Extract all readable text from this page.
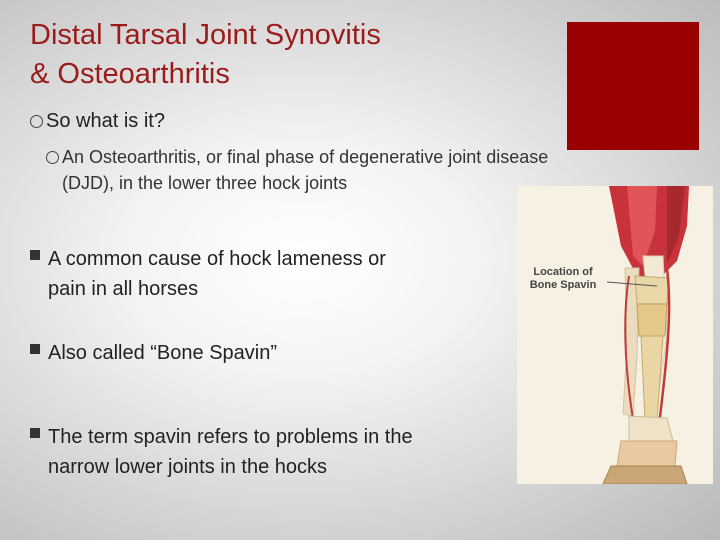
Distal Tarsal Joint Synovitis
& Osteoarthritis
So what is it?
An Osteoarthritis, or final phase of degenerative joint disease (DJD), in the lower three hock joints
A common cause of hock lameness or
pain in all horses
Also called “Bone Spavin”
The term spavin refers to problems in the
narrow lower joints in the hocks
Location of
Bone Spavin
